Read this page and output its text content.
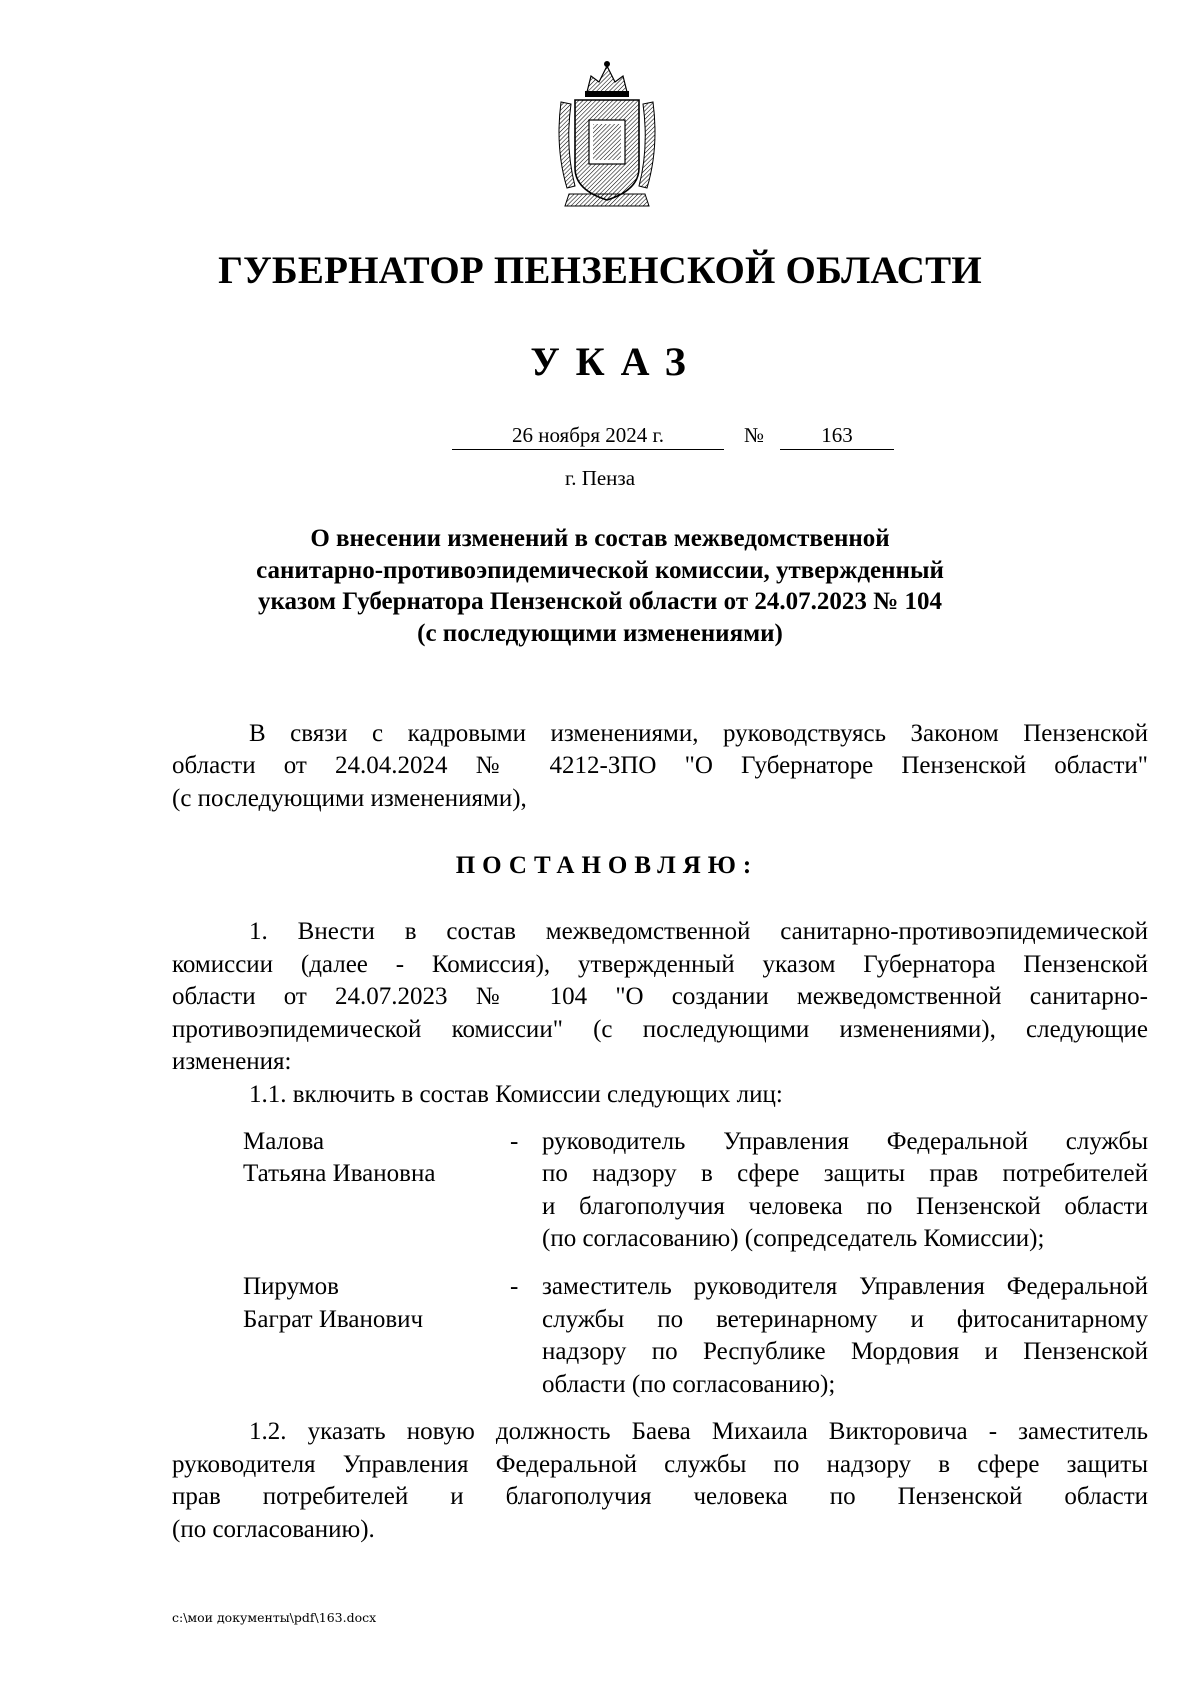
ГУБЕРНАТОР ПЕНЗЕНСКОЙ ОБЛАСТИ
УКАЗ
26 ноября 2024 г.	№	163
г. Пенза
О внесении изменений в состав межведомственной
санитарно-противоэпидемической комиссии, утвержденный
указом Губернатора Пензенской области от 24.07.2023 № 104
(с последующими изменениями)
В связи с кадровыми изменениями, руководствуясь Законом Пензенской
области от 24.04.2024 № 4212-ЗПО "О Губернаторе Пензенской области"
(с последующими изменениями),
ПОСТАНОВЛЯЮ:
1. Внести в состав межведомственной санитарно-противоэпидемической
комиссии (далее - Комиссия), утвержденный указом Губернатора Пензенской
области от 24.07.2023 № 104 "О создании межведомственной санитарно-
противоэпидемической комиссии" (с последующими изменениями), следующие
изменения:
1.1. включить в состав Комиссии следующих лиц:
Малова
Татьяна Ивановна
- руководитель Управления Федеральной службы
по надзору в сфере защиты прав потребителей
и благополучия человека по Пензенской области
(по согласованию) (сопредседатель Комиссии);
Пирумов
Баграт Иванович
- заместитель руководителя Управления Федеральной
службы по ветеринарному и фитосанитарному
надзору по Республике Мордовия и Пензенской
области (по согласованию);
1.2. указать новую должность Баева Михаила Викторовича - заместитель
руководителя Управления Федеральной службы по надзору в сфере защиты
прав потребителей и благополучия человека по Пензенской области
(по согласованию).
c:\мои документы\pdf\163.docx
